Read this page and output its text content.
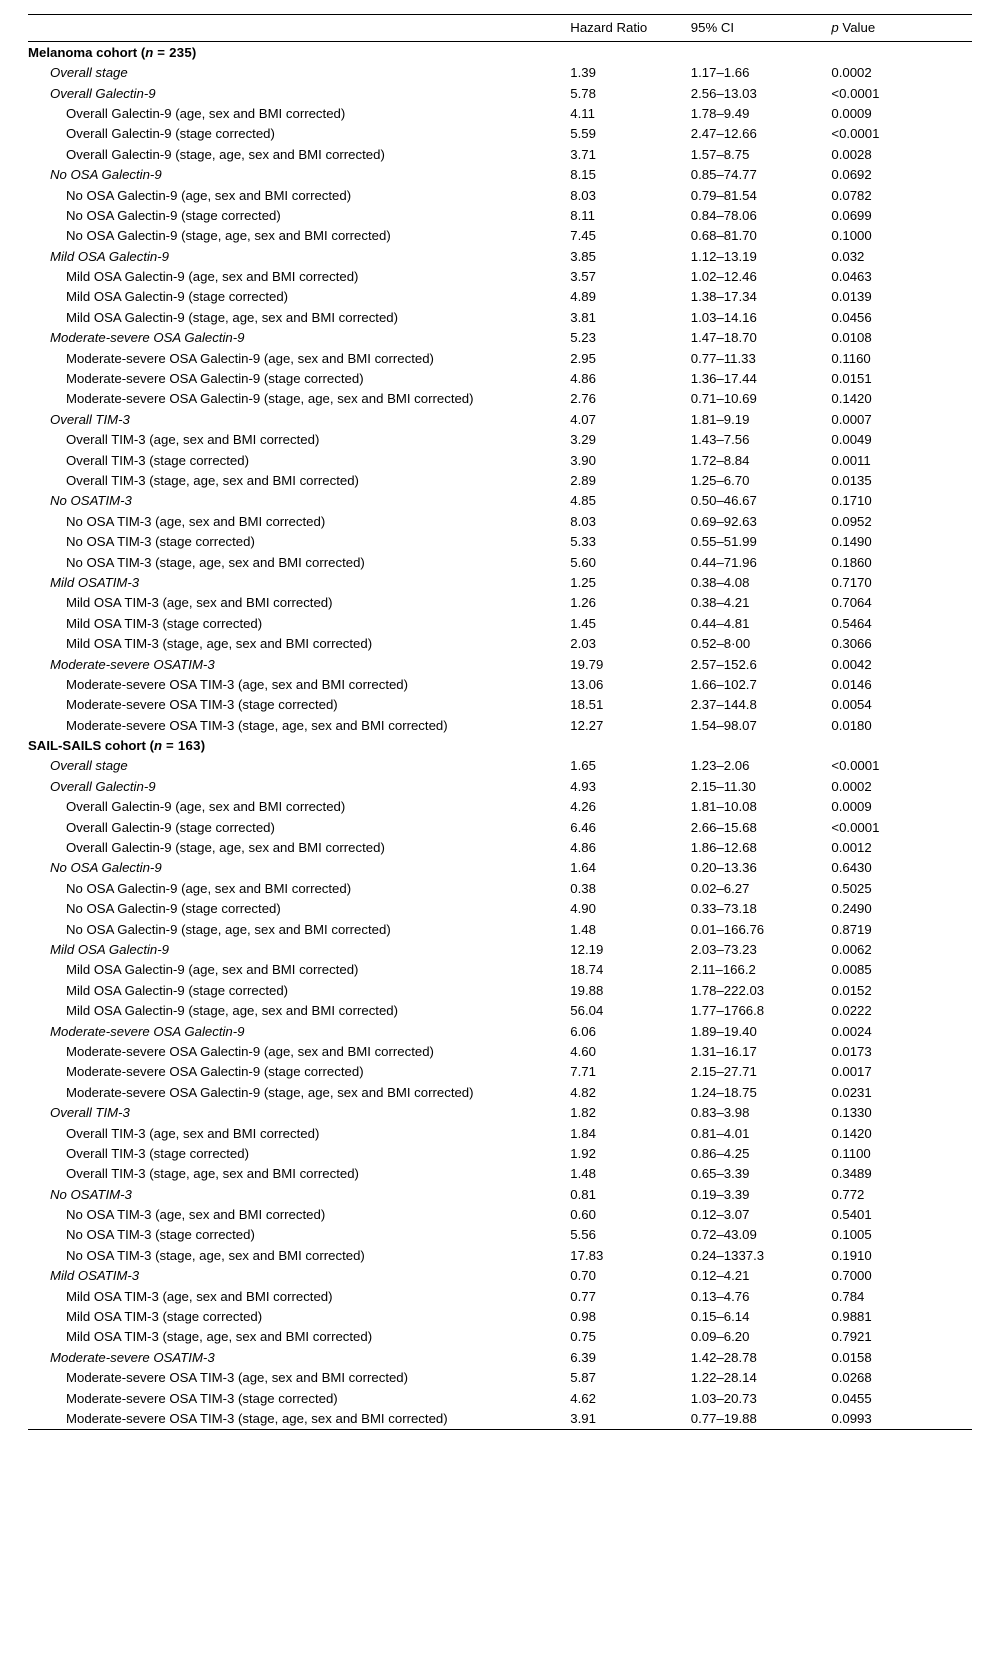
	Hazard Ratio	95% CI	p Value
Melanoma cohort (n = 235)			
Overall stage	1.39	1.17–1.66	0.0002
Overall Galectin-9	5.78	2.56–13.03	<0.0001
Overall Galectin-9 (age, sex and BMI corrected)	4.11	1.78–9.49	0.0009
Overall Galectin-9 (stage corrected)	5.59	2.47–12.66	<0.0001
Overall Galectin-9 (stage, age, sex and BMI corrected)	3.71	1.57–8.75	0.0028
No OSA Galectin-9	8.15	0.85–74.77	0.0692
No OSA Galectin-9 (age, sex and BMI corrected)	8.03	0.79–81.54	0.0782
No OSA Galectin-9 (stage corrected)	8.11	0.84–78.06	0.0699
No OSA Galectin-9 (stage, age, sex and BMI corrected)	7.45	0.68–81.70	0.1000
Mild OSA Galectin-9	3.85	1.12–13.19	0.032
Mild OSA Galectin-9 (age, sex and BMI corrected)	3.57	1.02–12.46	0.0463
Mild OSA Galectin-9 (stage corrected)	4.89	1.38–17.34	0.0139
Mild OSA Galectin-9 (stage, age, sex and BMI corrected)	3.81	1.03–14.16	0.0456
Moderate-severe OSA Galectin-9	5.23	1.47–18.70	0.0108
Moderate-severe OSA Galectin-9 (age, sex and BMI corrected)	2.95	0.77–11.33	0.1160
Moderate-severe OSA Galectin-9 (stage corrected)	4.86	1.36–17.44	0.0151
Moderate-severe OSA Galectin-9 (stage, age, sex and BMI corrected)	2.76	0.71–10.69	0.1420
Overall TIM-3	4.07	1.81–9.19	0.0007
Overall TIM-3 (age, sex and BMI corrected)	3.29	1.43–7.56	0.0049
Overall TIM-3 (stage corrected)	3.90	1.72–8.84	0.0011
Overall TIM-3 (stage, age, sex and BMI corrected)	2.89	1.25–6.70	0.0135
No OSATIM-3	4.85	0.50–46.67	0.1710
No OSA TIM-3 (age, sex and BMI corrected)	8.03	0.69–92.63	0.0952
No OSA TIM-3 (stage corrected)	5.33	0.55–51.99	0.1490
No OSA TIM-3 (stage, age, sex and BMI corrected)	5.60	0.44–71.96	0.1860
Mild OSATIM-3	1.25	0.38–4.08	0.7170
Mild OSA TIM-3 (age, sex and BMI corrected)	1.26	0.38–4.21	0.7064
Mild OSA TIM-3 (stage corrected)	1.45	0.44–4.81	0.5464
Mild OSA TIM-3 (stage, age, sex and BMI corrected)	2.03	0.52–8·00	0.3066
Moderate-severe OSATIM-3	19.79	2.57–152.6	0.0042
Moderate-severe OSA TIM-3 (age, sex and BMI corrected)	13.06	1.66–102.7	0.0146
Moderate-severe OSA TIM-3 (stage corrected)	18.51	2.37–144.8	0.0054
Moderate-severe OSA TIM-3 (stage, age, sex and BMI corrected)	12.27	1.54–98.07	0.0180
SAIL-SAILS cohort (n = 163)			
Overall stage	1.65	1.23–2.06	<0.0001
Overall Galectin-9	4.93	2.15–11.30	0.0002
Overall Galectin-9 (age, sex and BMI corrected)	4.26	1.81–10.08	0.0009
Overall Galectin-9 (stage corrected)	6.46	2.66–15.68	<0.0001
Overall Galectin-9 (stage, age, sex and BMI corrected)	4.86	1.86–12.68	0.0012
No OSA Galectin-9	1.64	0.20–13.36	0.6430
No OSA Galectin-9 (age, sex and BMI corrected)	0.38	0.02–6.27	0.5025
No OSA Galectin-9 (stage corrected)	4.90	0.33–73.18	0.2490
No OSA Galectin-9 (stage, age, sex and BMI corrected)	1.48	0.01–166.76	0.8719
Mild OSA Galectin-9	12.19	2.03–73.23	0.0062
Mild OSA Galectin-9 (age, sex and BMI corrected)	18.74	2.11–166.2	0.0085
Mild OSA Galectin-9 (stage corrected)	19.88	1.78–222.03	0.0152
Mild OSA Galectin-9 (stage, age, sex and BMI corrected)	56.04	1.77–1766.8	0.0222
Moderate-severe OSA Galectin-9	6.06	1.89–19.40	0.0024
Moderate-severe OSA Galectin-9 (age, sex and BMI corrected)	4.60	1.31–16.17	0.0173
Moderate-severe OSA Galectin-9 (stage corrected)	7.71	2.15–27.71	0.0017
Moderate-severe OSA Galectin-9 (stage, age, sex and BMI corrected)	4.82	1.24–18.75	0.0231
Overall TIM-3	1.82	0.83–3.98	0.1330
Overall TIM-3 (age, sex and BMI corrected)	1.84	0.81–4.01	0.1420
Overall TIM-3 (stage corrected)	1.92	0.86–4.25	0.1100
Overall TIM-3 (stage, age, sex and BMI corrected)	1.48	0.65–3.39	0.3489
No OSATIM-3	0.81	0.19–3.39	0.772
No OSA TIM-3 (age, sex and BMI corrected)	0.60	0.12–3.07	0.5401
No OSA TIM-3 (stage corrected)	5.56	0.72–43.09	0.1005
No OSA TIM-3 (stage, age, sex and BMI corrected)	17.83	0.24–1337.3	0.1910
Mild OSATIM-3	0.70	0.12–4.21	0.7000
Mild OSA TIM-3 (age, sex and BMI corrected)	0.77	0.13–4.76	0.784
Mild OSA TIM-3 (stage corrected)	0.98	0.15–6.14	0.9881
Mild OSA TIM-3 (stage, age, sex and BMI corrected)	0.75	0.09–6.20	0.7921
Moderate-severe OSATIM-3	6.39	1.42–28.78	0.0158
Moderate-severe OSA TIM-3 (age, sex and BMI corrected)	5.87	1.22–28.14	0.0268
Moderate-severe OSA TIM-3 (stage corrected)	4.62	1.03–20.73	0.0455
Moderate-severe OSA TIM-3 (stage, age, sex and BMI corrected)	3.91	0.77–19.88	0.0993
